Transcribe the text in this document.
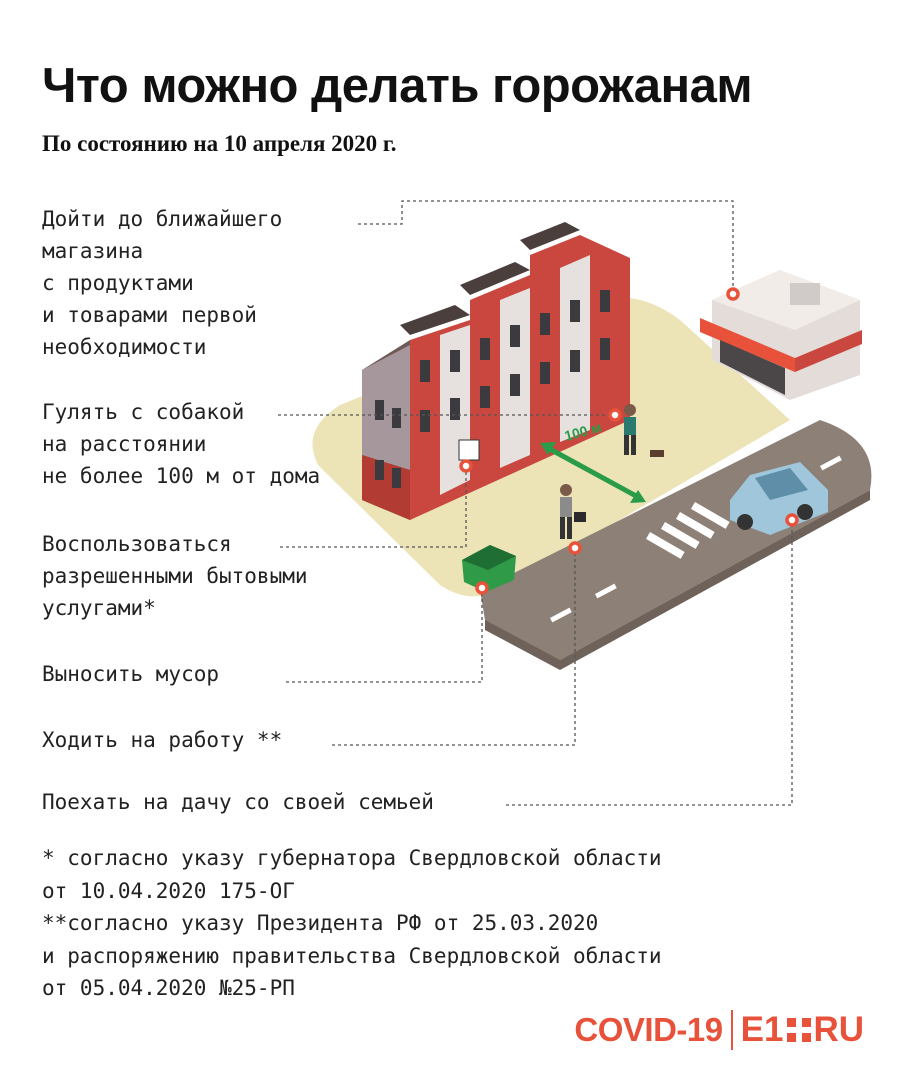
Что можно делать горожанам
По состоянию на 10 апреля 2020 г.
100 м
Дойти до ближайшего
магазина
с продуктами
и товарами первой
необходимости
Гулять с собакой
на расстоянии
не более 100 м от дома
Воспользоваться
разрешенными бытовыми
услугами*
Выносить мусор
Ходить на работу **
Поехать на дачу со своей семьей
* согласно указу губернатора Свердловской области
от 10.04.2020 175-ОГ
**согласно указу Президента РФ от 25.03.2020
и распоряжению правительства Свердловской области
от 05.04.2020 №25-РП
COVID-19 E1 RU
